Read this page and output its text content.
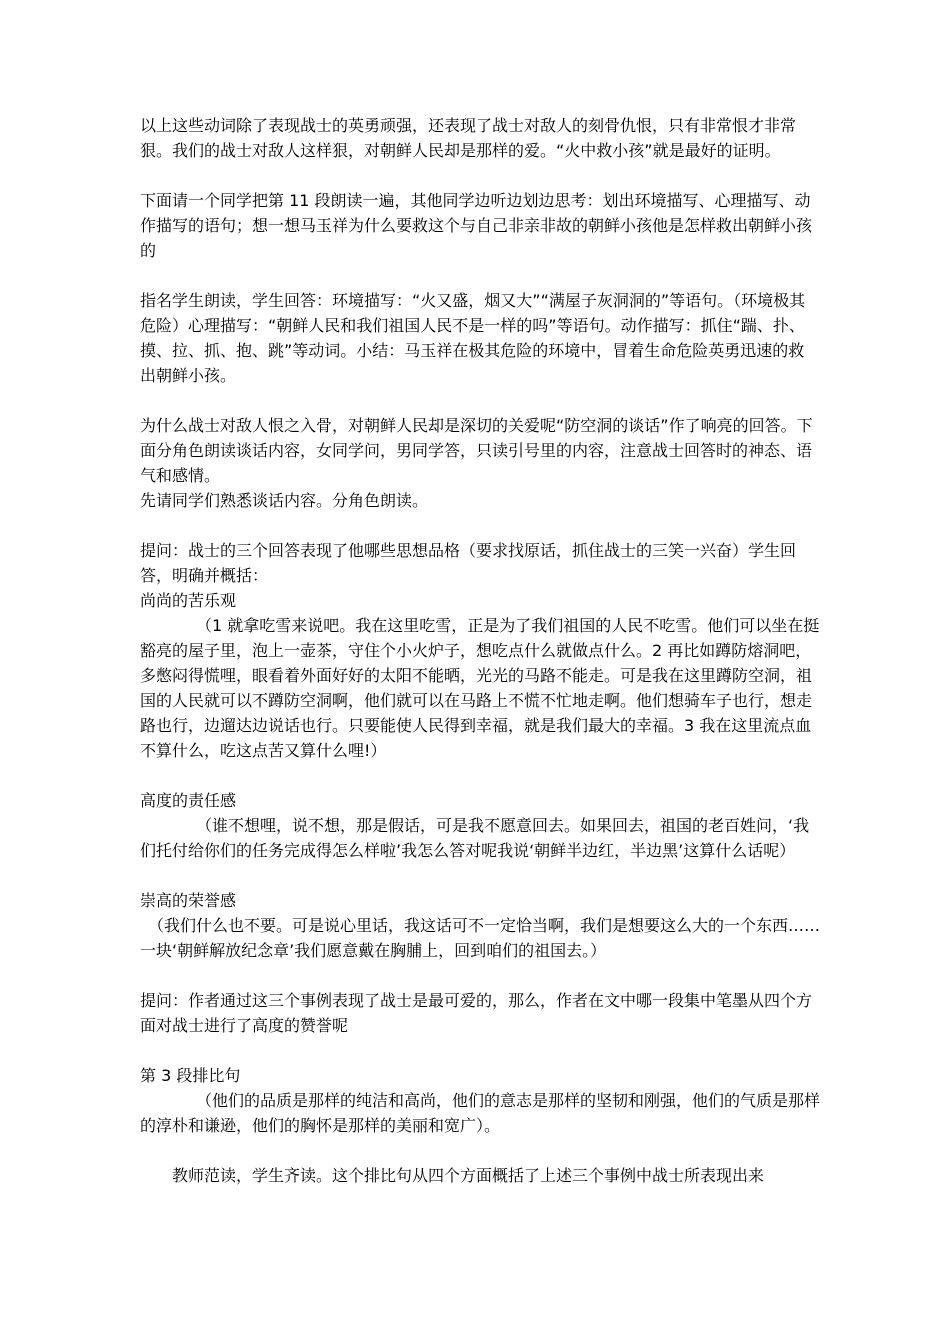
以上这些动词除了表现战士的英勇顽强，还表现了战士对敌人的刻骨仇恨，只有非常恨才非常狠。我们的战士对敌人这样狠，对朝鲜人民却是那样的爱。“火中救小孩”就是最好的证明。

下面请一个同学把第 11 段朗读一遍，其他同学边听边划边思考：划出环境描写、心理描写、动作描写的语句；想一想马玉祥为什么要救这个与自己非亲非故的朝鲜小孩他是怎样救出朝鲜小孩的

指名学生朗读，学生回答：环境描写：“火又盛，烟又大”“满屋子灰洞洞的”等语句。（环境极其危险）心理描写：“朝鲜人民和我们祖国人民不是一样的吗”等语句。动作描写：抓住“踹、扑、摸、拉、抓、抱、跳”等动词。小结：马玉祥在极其危险的环境中，冒着生命危险英勇迅速的救出朝鲜小孩。

为什么战士对敌人恨之入骨，对朝鲜人民却是深切的关爱呢“防空洞的谈话”作了响亮的回答。下面分角色朗读谈话内容，女同学问，男同学答，只读引号里的内容，注意战士回答时的神态、语气和感情。
先请同学们熟悉谈话内容。分角色朗读。
提问：战士的三个回答表现了他哪些思想品格（要求找原话，抓住战士的三笑一兴奋）学生回答，明确并概括：
尚尚的苦乐观
（1 就拿吃雪来说吧。我在这里吃雪，正是为了我们祖国的人民不吃雪。他们可以坐在挺豁亮的屋子里，泡上一壶茶，守住个小火炉子，想吃点什么就做点什么。2 再比如蹲防熔洞吧，多憋闷得慌哩，眼看着外面好好的太阳不能晒，光光的马路不能走。可是我在这里蹲防空洞，祖国的人民就可以不蹲防空洞啊，他们就可以在马路上不慌不忙地走啊。他们想骑车子也行，想走路也行，边遛达边说话也行。只要能使人民得到幸福，就是我们最大的幸福。3 我在这里流点血不算什么，吃这点苦又算什么哩!）
高度的责任感
（谁不想哩，说不想，那是假话，可是我不愿意回去。如果回去，祖国的老百姓问，‘我们托付给你们的任务完成得怎么样啦’我怎么答对呢我说‘朝鲜半边红，半边黑’这算什么话呢）
崇高的荣誉感
（我们什么也不要。可是说心里话，我这话可不一定恰当啊，我们是想要这么大的一个东西……一块‘朝鲜解放纪念章’我们愿意戴在胸脯上，回到咱们的祖国去。）

提问：作者通过这三个事例表现了战士是最可爱的，那么，作者在文中哪一段集中笔墨从四个方面对战士进行了高度的赞誉呢

第 3 段排比句
（他们的品质是那样的纯洁和高尚，他们的意志是那样的坚韧和刚强，他们的气质是那样的淳朴和谦逊，他们的胸怀是那样的美丽和宽广）。

教师范读，学生齐读。这个排比句从四个方面概括了上述三个事例中战士所表现出来
